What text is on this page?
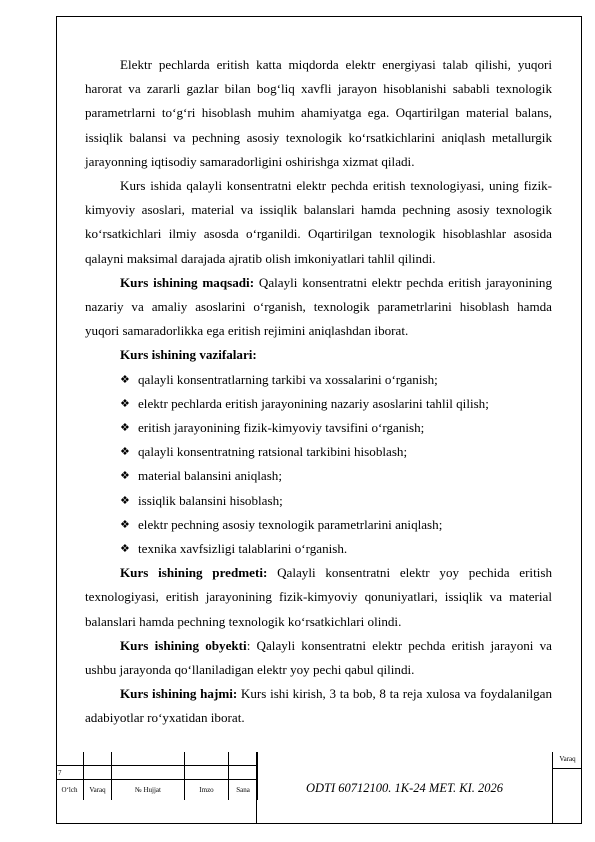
Elektr pechlarda eritish katta miqdorda elektr energiyasi talab qilishi, yuqori harorat va zararli gazlar bilan bog‘liq xavfli jarayon hisoblanishi sababli texnologik parametrlarni to‘g‘ri hisoblash muhim ahamiyatga ega. Oqartirilgan material balans, issiqlik balansi va pechning asosiy texnologik ko‘rsatkichlarini aniqlash metallurgik jarayonning iqtisodiy samaradorligini oshirishga xizmat qiladi.

Kurs ishida qalayli konsentratni elektr pechda eritish texnologiyasi, uning fizik-kimyoviy asoslari, material va issiqlik balanslari hamda pechning asosiy texnologik ko‘rsatkichlari ilmiy asosda o‘rganildi. Oqartirilgan texnologik hisoblashlar asosida qalayni maksimal darajada ajratib olish imkoniyatlari tahlil qilindi.

Kurs ishining maqsadi: Qalayli konsentratni elektr pechda eritish jarayonining nazariy va amaliy asoslarini o‘rganish, texnologik parametrlarini hisoblash hamda yuqori samaradorlikka ega eritish rejimini aniqlashdan iborat.

Kurs ishining vazifalari:

❖ qalayli konsentratlarning tarkibi va xossalarini o‘rganish;
❖ elektr pechlarda eritish jarayonining nazariy asoslarini tahlil qilish;
❖ eritish jarayonining fizik-kimyoviy tavsifini o‘rganish;
❖ qalayli konsentratning ratsional tarkibini hisoblash;
❖ material balansini aniqlash;
❖ issiqlik balansini hisoblash;
❖ elektr pechning asosiy texnologik parametrlarini aniqlash;
❖ texnika xavfsizligi talablarini o‘rganish.

Kurs ishining predmeti: Qalayli konsentratni elektr yoy pechida eritish texnologiyasi, eritish jarayonining fizik-kimyoviy qonuniyatlari, issiqlik va material balanslari hamda pechning texnologik ko‘rsatkichlari olindi.

Kurs ishining obyekti: Qalayli konsentratni elektr pechda eritish jarayoni va ushbu jarayonda qo‘llaniladigan elektr yoy pechi qabul qilindi.

Kurs ishining hajmi: Kurs ishi kirish, 3 ta bob, 8 ta reja xulosa va foydalanilgan adabiyotlar ro‘yxatidan iborat.

7				
O‘lch	Varaq	№ Hujjat	Imzo	Sana	ODTI 60712100. 1K-24 MET. KI. 2026
Varaq
